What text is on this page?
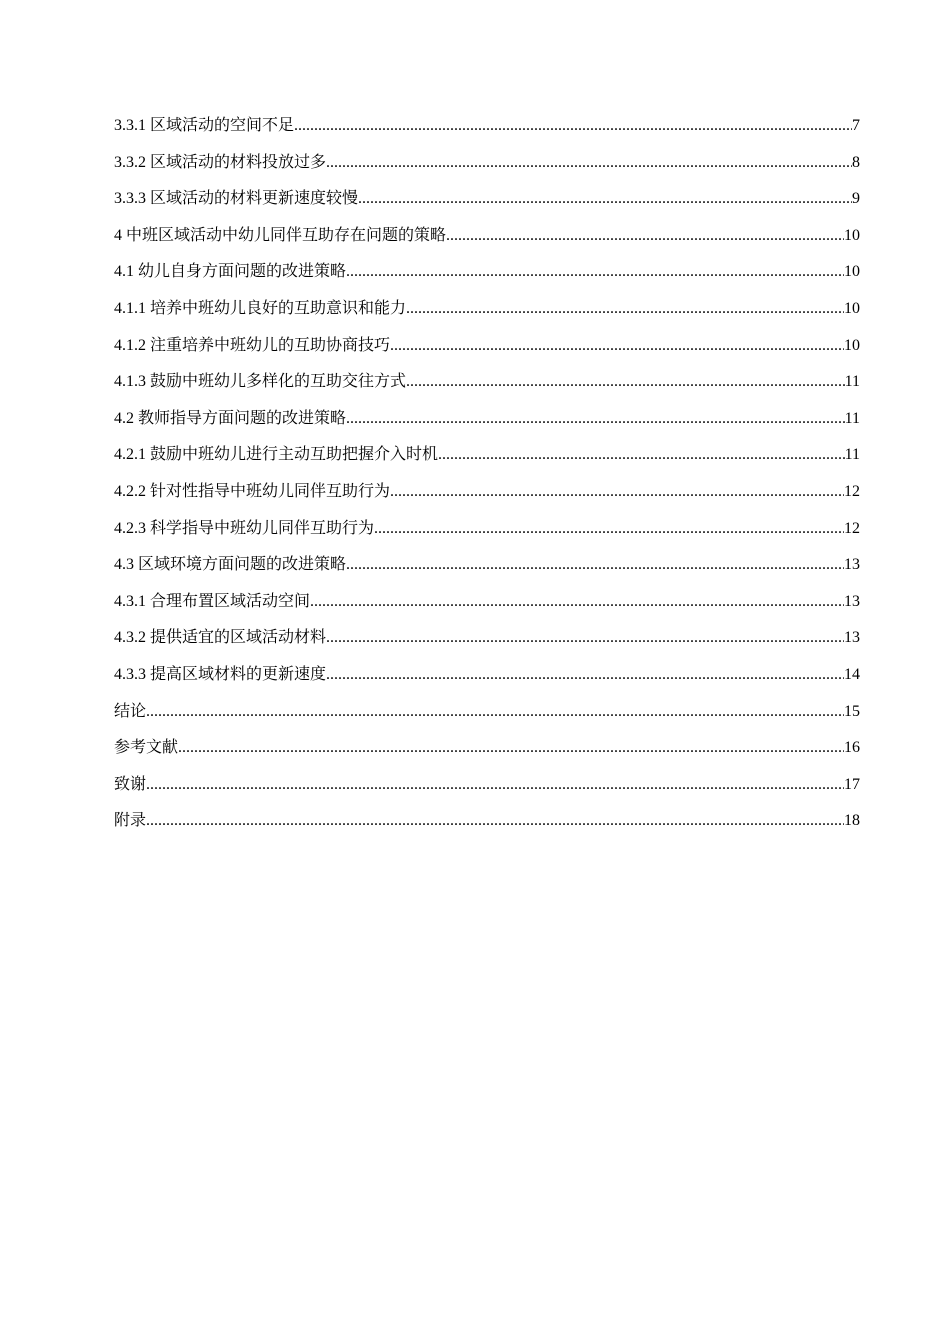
3.3.1 区域活动的空间不足 .....	7
3.3.2 区域活动的材料投放过多 .....	8
3.3.3 区域活动的材料更新速度较慢 .....	9
4 中班区域活动中幼儿同伴互助存在问题的策略 .....	10
4.1 幼儿自身方面问题的改进策略 .....	10
4.1.1 培养中班幼儿良好的互助意识和能力 .....	10
4.1.2 注重培养中班幼儿的互助协商技巧 .....	10
4.1.3 鼓励中班幼儿多样化的互助交往方式 .....	11
4.2 教师指导方面问题的改进策略 .....	11
4.2.1 鼓励中班幼儿进行主动互助把握介入时机 .....	11
4.2.2 针对性指导中班幼儿同伴互助行为 .....	12
4.2.3 科学指导中班幼儿同伴互助行为 .....	12
4.3 区域环境方面问题的改进策略 .....	13
4.3.1 合理布置区域活动空间 .....	13
4.3.2 提供适宜的区域活动材料 .....	13
4.3.3 提高区域材料的更新速度 .....	14
结论 .....	15
参考文献 .....	16
致谢 .....	17
附录 .....	18
